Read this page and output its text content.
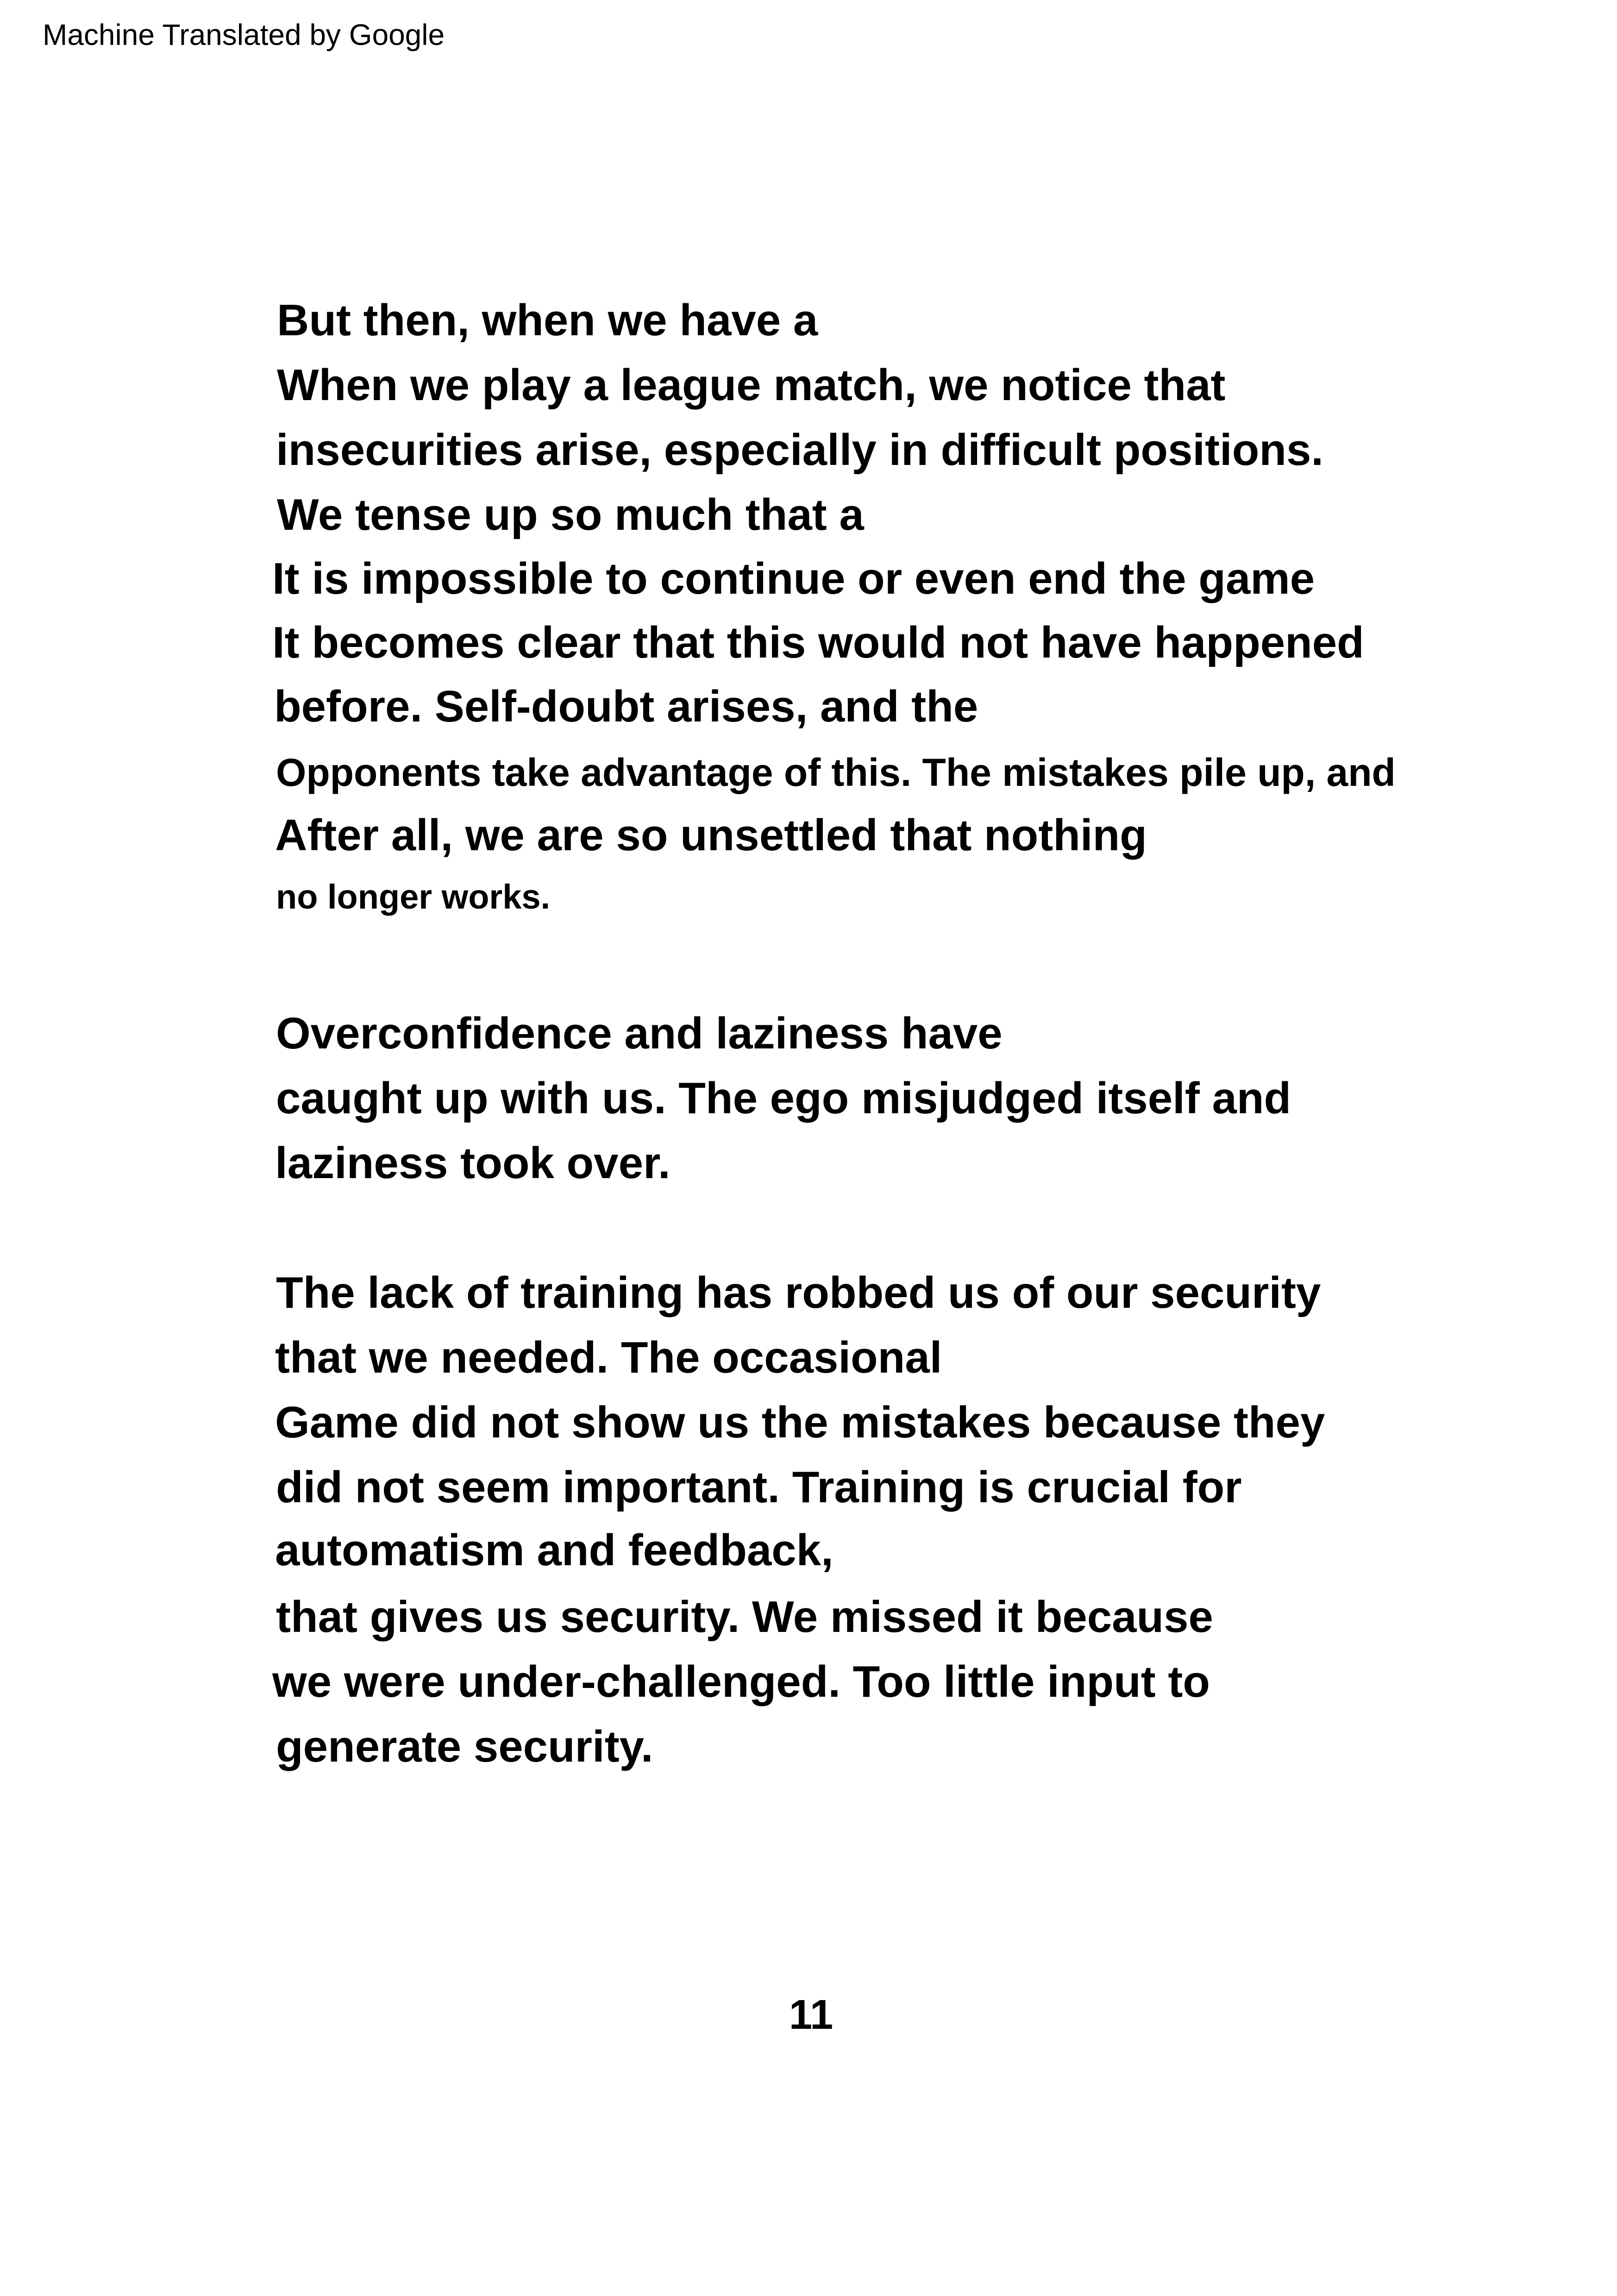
Machine Translated by Google
But then, when we have a
When we play a league match, we notice that
insecurities arise, especially in difficult positions.
We tense up so much that a
It is impossible to continue or even end the game
It becomes clear that this would not have happened
before. Self-doubt arises, and the
Opponents take advantage of this. The mistakes pile up, and
After all, we are so unsettled that nothing
no longer works.
Overconfidence and laziness have
caught up with us. The ego misjudged itself and
laziness took over.
The lack of training has robbed us of our security
that we needed. The occasional
Game did not show us the mistakes because they
did not seem important. Training is crucial for
automatism and feedback,
that gives us security. We missed it because
we were under-challenged. Too little input to
generate security.
11
